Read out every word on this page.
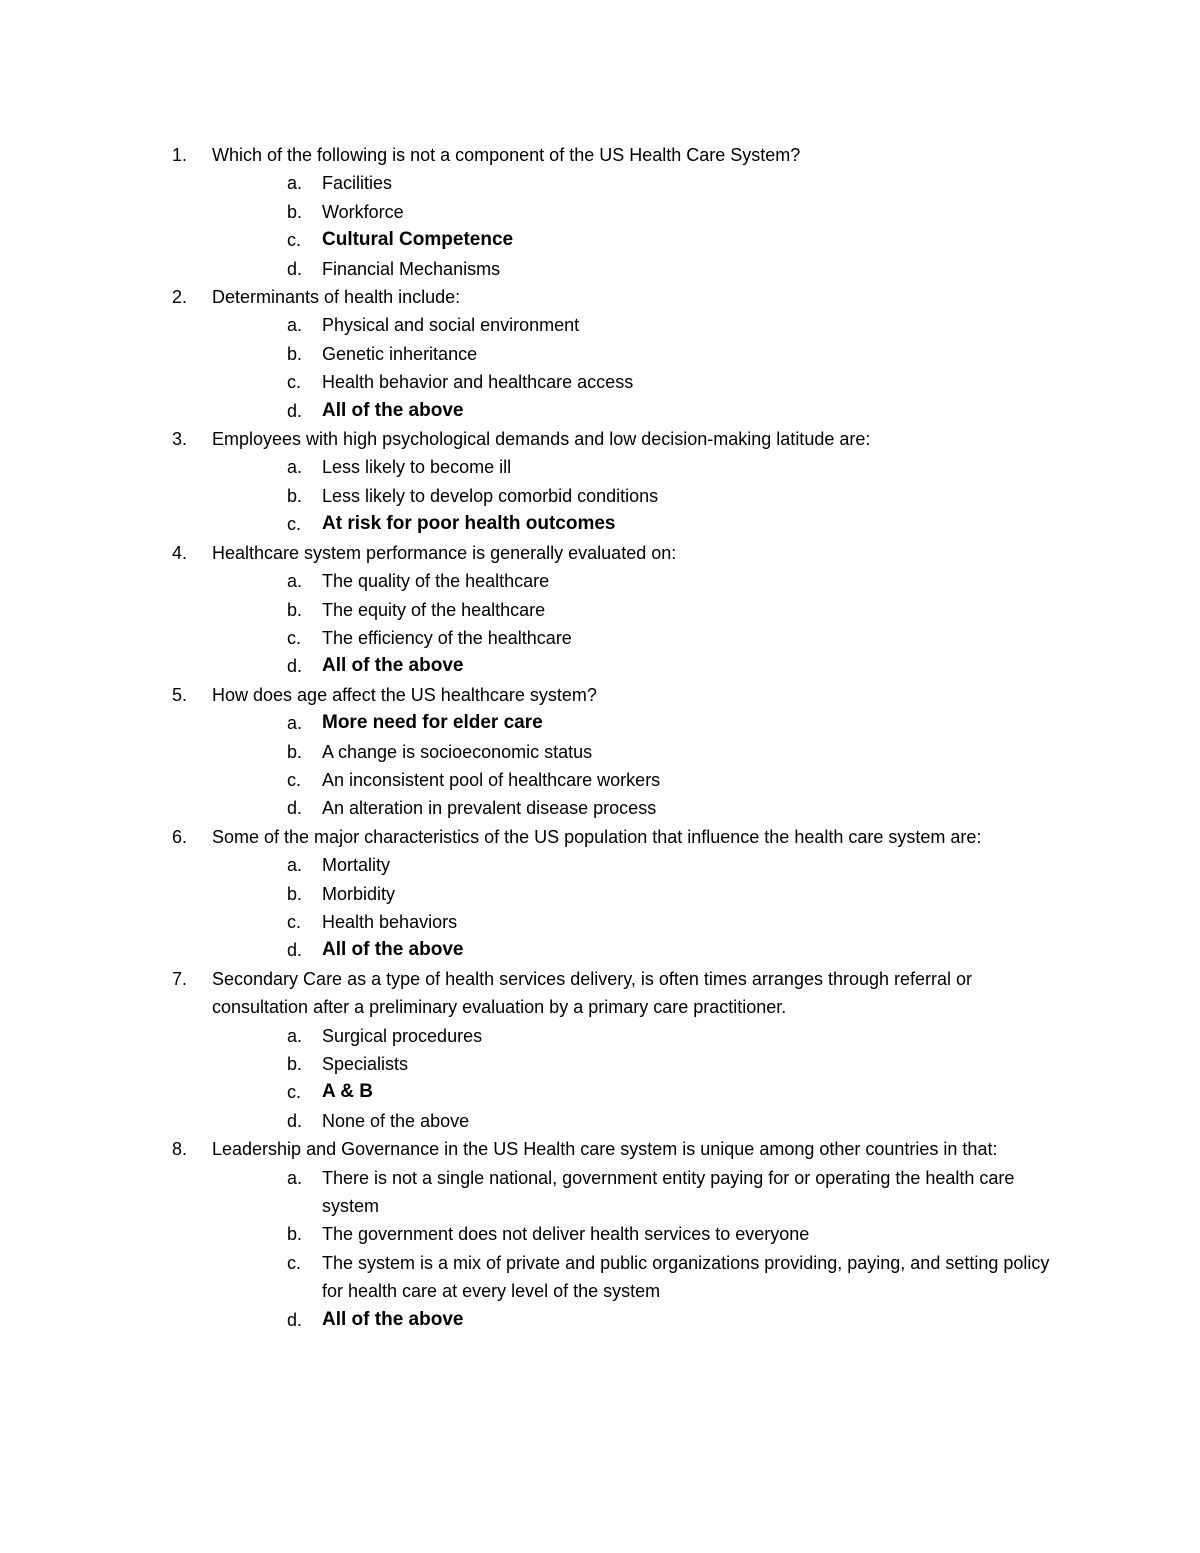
1.	Which of the following is not a component of the US Health Care System?
a. Facilities
b. Workforce
c. Cultural Competence
d. Financial Mechanisms
2.	Determinants of health include:
a. Physical and social environment
b. Genetic inheritance
c. Health behavior and healthcare access
d. All of the above
3.	Employees with high psychological demands and low decision-making latitude are:
a. Less likely to become ill
b. Less likely to develop comorbid conditions
c. At risk for poor health outcomes
4.	Healthcare system performance is generally evaluated on:
a. The quality of the healthcare
b. The equity of the healthcare
c. The efficiency of the healthcare
d. All of the above
5.	How does age affect the US healthcare system?
a. More need for elder care
b. A change is socioeconomic status
c. An inconsistent pool of healthcare workers
d. An alteration in prevalent disease process
6.	Some of the major characteristics of the US population that influence the health care system are:
a. Mortality
b. Morbidity
c. Health behaviors
d. All of the above
7.	Secondary Care as a type of health services delivery, is often times arranges through referral or consultation after a preliminary evaluation by a primary care practitioner.
a. Surgical procedures
b. Specialists
c. A & B
d. None of the above
8.	Leadership and Governance in the US Health care system is unique among other countries in that:
a. There is not a single national, government entity paying for or operating the health care system
b. The government does not deliver health services to everyone
c. The system is a mix of private and public organizations providing, paying, and setting policy for health care at every level of the system
d. All of the above
